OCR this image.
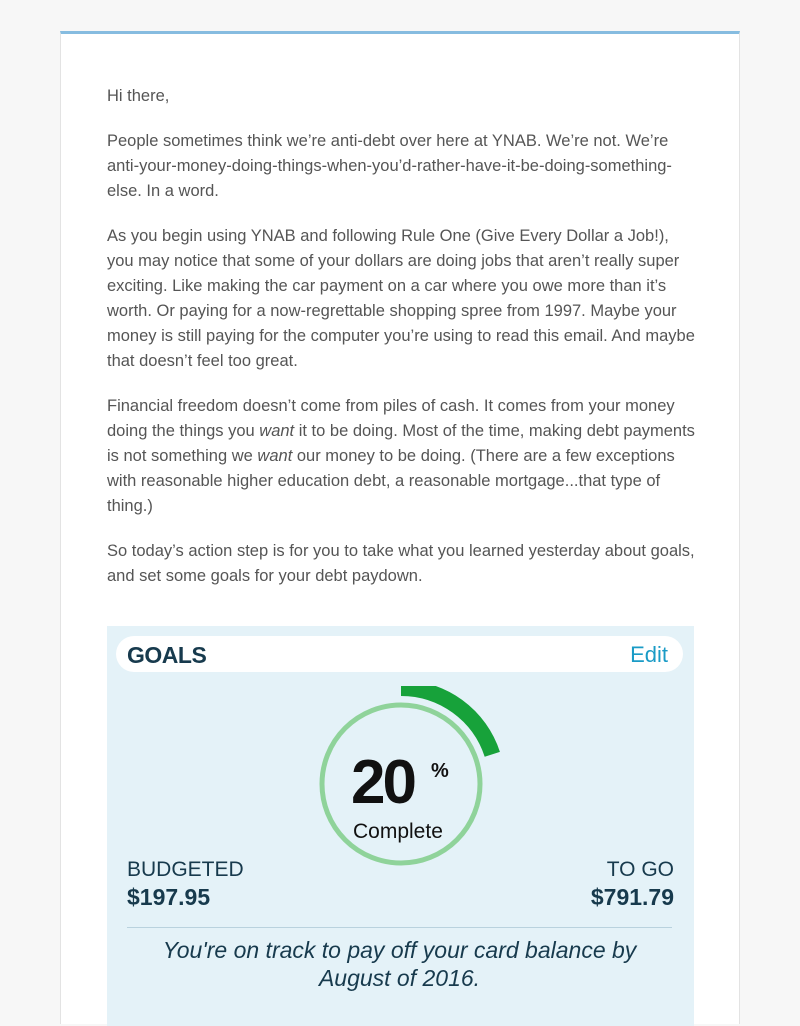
Hi there,

People sometimes think we’re anti-debt over here at YNAB. We’re not. We’re anti-your-money-doing-things-when-you’d-rather-have-it-be-doing-something-else. In a word.

As you begin using YNAB and following Rule One (Give Every Dollar a Job!), you may notice that some of your dollars are doing jobs that aren’t really super exciting. Like making the car payment on a car where you owe more than it’s worth. Or paying for a now-regrettable shopping spree from 1997. Maybe your money is still paying for the computer you’re using to read this email. And maybe that doesn’t feel too great.

Financial freedom doesn’t come from piles of cash. It comes from your money doing the things you want it to be doing. Most of the time, making debt payments is not something we want our money to be doing. (There are a few exceptions with reasonable higher education debt, a reasonable mortgage...that type of thing.)

So today’s action step is for you to take what you learned yesterday about goals, and set some goals for your debt paydown.

GOALS	Edit
20 %
Complete
BUDGETED
$197.95
TO GO
$791.79
You're on track to pay off your card balance by August of 2016.
